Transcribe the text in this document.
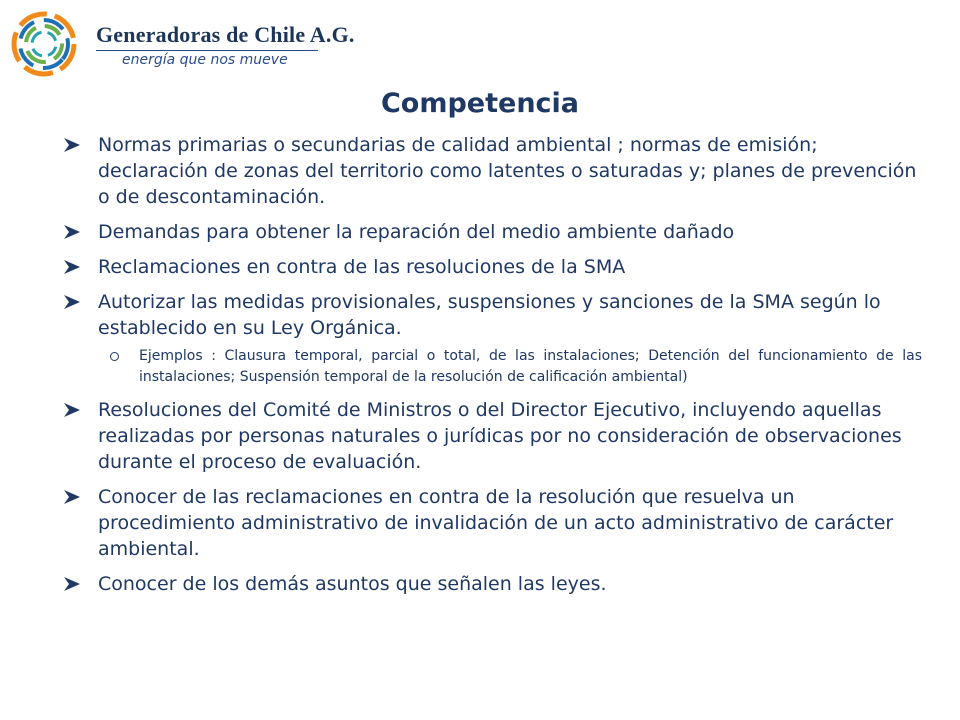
Generadoras de Chile A.G.
energía que nos mueve
Competencia
Normas primarias o secundarias de calidad ambiental ; normas de emisión; declaración de zonas del territorio como latentes o saturadas y; planes de prevención o de descontaminación.
Demandas para obtener la reparación del medio ambiente dañado
Reclamaciones en contra de las resoluciones de la SMA
Autorizar las medidas provisionales, suspensiones y sanciones de la SMA según lo establecido en su Ley Orgánica.
Ejemplos : Clausura temporal, parcial o total, de las instalaciones; Detención del funcionamiento de las instalaciones; Suspensión temporal de la resolución de calificación ambiental)
Resoluciones del Comité de Ministros o del Director Ejecutivo, incluyendo aquellas realizadas por personas naturales o jurídicas por no consideración de observaciones durante el proceso de evaluación.
Conocer de las reclamaciones en contra de la resolución que resuelva un procedimiento administrativo de invalidación de un acto administrativo de carácter ambiental.
Conocer de los demás asuntos que señalen las leyes.
